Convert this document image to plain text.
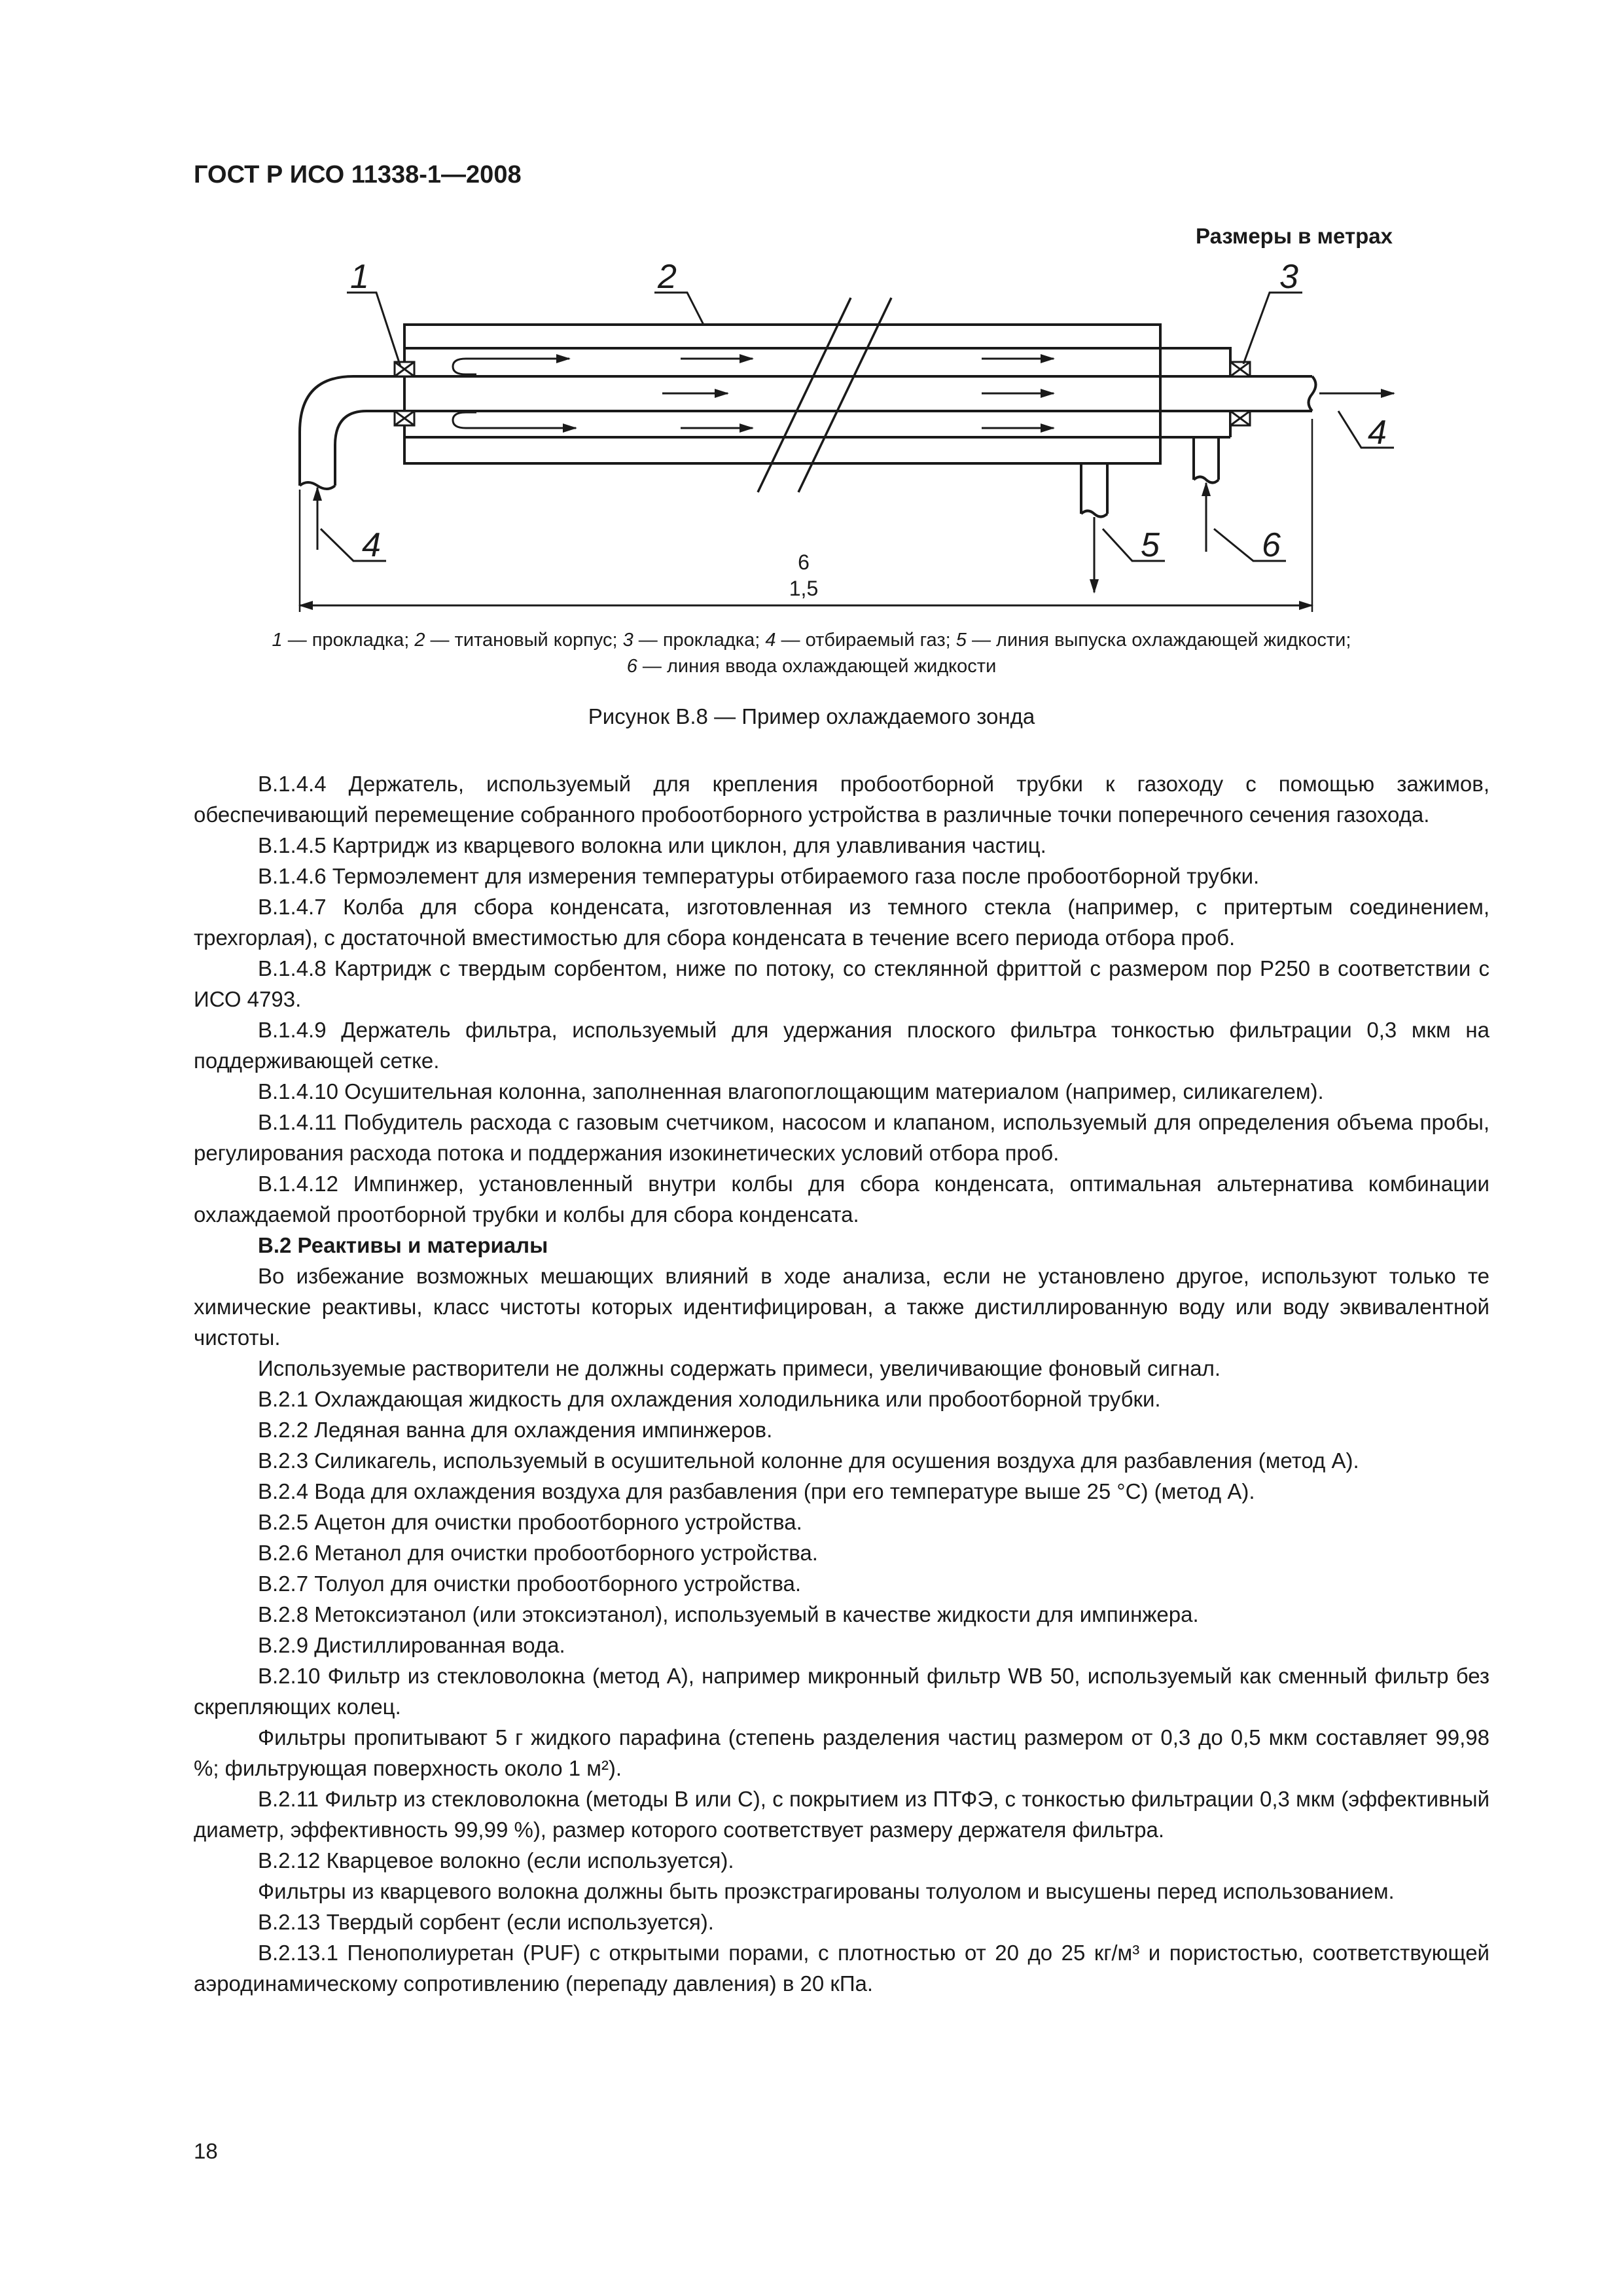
ГОСТ Р ИСО 11338-1—2008
Размеры в метрах
1	2	3
4
4	5	6
6
1,5
1 — прокладка; 2 — титановый корпус; 3 — прокладка; 4 — отбираемый газ; 5 — линия выпуска охлаждающей жидкости;
6 — линия ввода охлаждающей жидкости
Рисунок В.8 — Пример охлаждаемого зонда

В.1.4.4 Держатель, используемый для крепления пробоотборной трубки к газоходу с помощью зажимов, обеспечивающий перемещение собранного пробоотборного устройства в различные точки поперечного сечения газохода.

В.1.4.5 Картридж из кварцевого волокна или циклон, для улавливания частиц.

В.1.4.6 Термоэлемент для измерения температуры отбираемого газа после пробоотборной трубки.

В.1.4.7 Колба для сбора конденсата, изготовленная из темного стекла (например, с притертым соединением, трехгорлая), с достаточной вместимостью для сбора конденсата в течение всего периода отбора проб.

В.1.4.8 Картридж с твердым сорбентом, ниже по потоку, со стеклянной фриттой с размером пор P250 в соответствии с ИСО 4793.

В.1.4.9 Держатель фильтра, используемый для удержания плоского фильтра тонкостью фильтрации 0,3 мкм на поддерживающей сетке.

В.1.4.10 Осушительная колонна, заполненная влагопоглощающим материалом (например, силикагелем).

В.1.4.11 Побудитель расхода с газовым счетчиком, насосом и клапаном, используемый для определения объема пробы, регулирования расхода потока и поддержания изокинетических условий отбора проб.

В.1.4.12 Импинжер, установленный внутри колбы для сбора конденсата, оптимальная альтернатива комбинации охлаждаемой проотборной трубки и колбы для сбора конденсата.

В.2 Реактивы и материалы

Во избежание возможных мешающих влияний в ходе анализа, если не установлено другое, используют только те химические реактивы, класс чистоты которых идентифицирован, а также дистиллированную воду или воду эквивалентной чистоты.

Используемые растворители не должны содержать примеси, увеличивающие фоновый сигнал.

В.2.1 Охлаждающая жидкость для охлаждения холодильника или пробоотборной трубки.

В.2.2 Ледяная ванна для охлаждения импинжеров.

В.2.3 Силикагель, используемый в осушительной колонне для осушения воздуха для разбавления (метод А).

В.2.4 Вода для охлаждения воздуха для разбавления (при его температуре выше 25 °C) (метод А).

В.2.5 Ацетон для очистки пробоотборного устройства.

В.2.6 Метанол для очистки пробоотборного устройства.

В.2.7 Толуол для очистки пробоотборного устройства.

В.2.8 Метоксиэтанол (или этоксиэтанол), используемый в качестве жидкости для импинжера.

В.2.9 Дистиллированная вода.

В.2.10 Фильтр из стекловолокна (метод А), например микронный фильтр WB 50, используемый как сменный фильтр без скрепляющих колец.

Фильтры пропитывают 5 г жидкого парафина (степень разделения частиц размером от 0,3 до 0,5 мкм составляет 99,98 %; фильтрующая поверхность около 1 м²).

В.2.11 Фильтр из стекловолокна (методы В или С), с покрытием из ПТФЭ, с тонкостью фильтрации 0,3 мкм (эффективный диаметр, эффективность 99,99 %), размер которого соответствует размеру держателя фильтра.

В.2.12 Кварцевое волокно (если используется).

Фильтры из кварцевого волокна должны быть проэкстрагированы толуолом и высушены перед использованием.

В.2.13 Твердый сорбент (если используется).

В.2.13.1 Пенополиуретан (PUF) с открытыми порами, с плотностью от 20 до 25 кг/м³ и пористостью, соответствующей аэродинамическому сопротивлению (перепаду давления) в 20 кПа.

18
